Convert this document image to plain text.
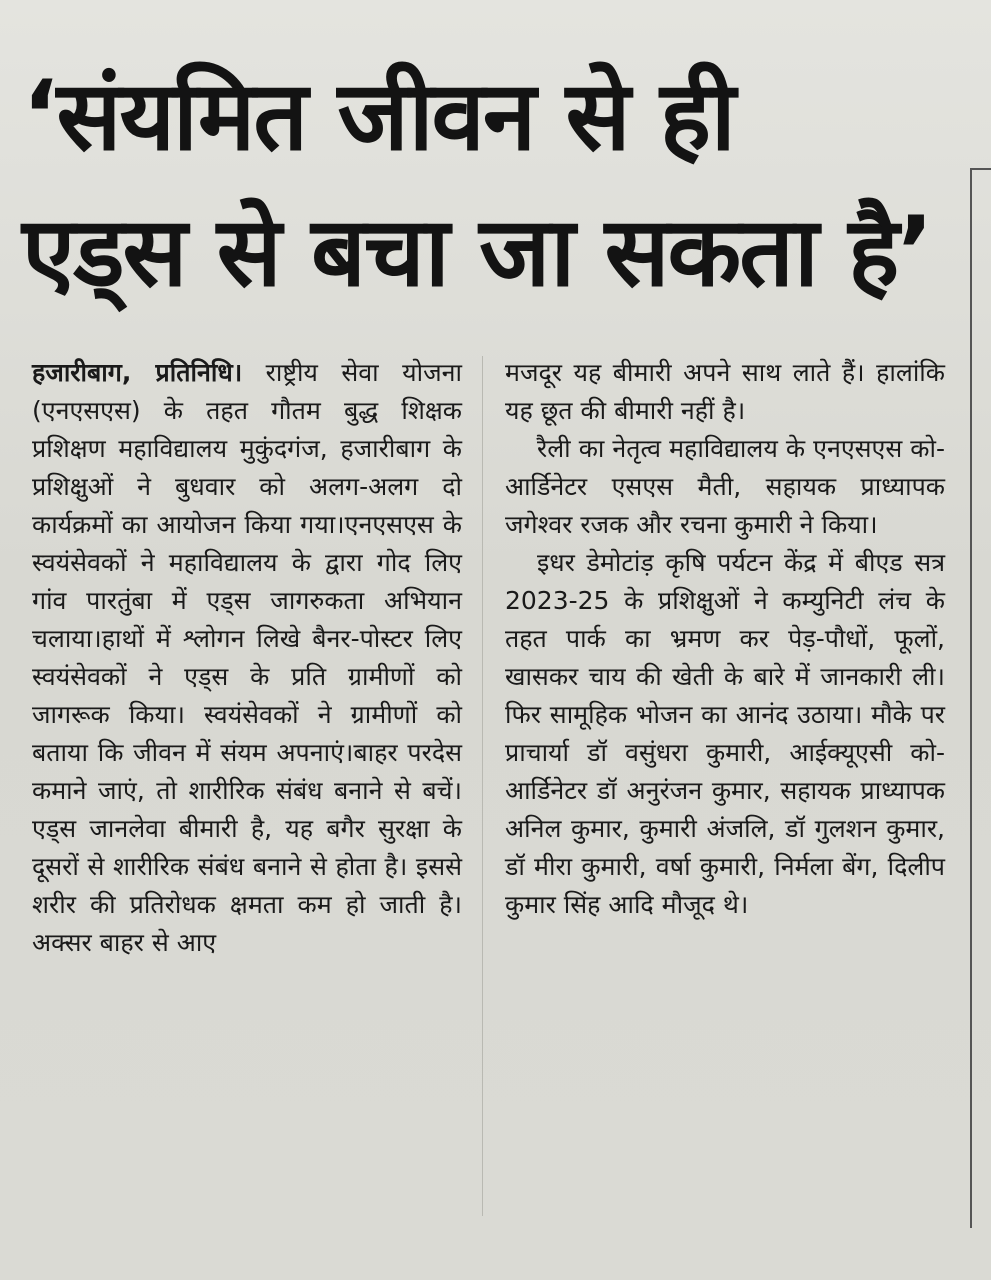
‘संयमित जीवन से ही
एड्स से बचा जा सकता है’

हजारीबाग, प्रतिनिधि। राष्ट्रीय सेवा योजना (एनएसएस) के तहत गौतम बुद्ध शिक्षक प्रशिक्षण महाविद्यालय मुकुंदगंज, हजारीबाग के प्रशिक्षुओं ने बुधवार को अलग-अलग दो कार्यक्रमों का आयोजन किया गया।एनएसएस के स्वयंसेवकों ने महाविद्यालय के द्वारा गोद लिए गांव पारतुंबा में एड्स जागरुकता अभियान चलाया।हाथों में श्लोगन लिखे बैनर-पोस्टर लिए स्वयंसेवकों ने एड्स के प्रति ग्रामीणों को जागरूक किया। स्वयंसेवकों ने ग्रामीणों को बताया कि जीवन में संयम अपनाएं।बाहर परदेस कमाने जाएं, तो शारीरिक संबंध बनाने से बचें। एड्स जानलेवा बीमारी है, यह बगैर सुरक्षा के दूसरों से शारीरिक संबंध बनाने से होता है। इससे शरीर की प्रतिरोधक क्षमता कम हो जाती है। अक्सर बाहर से आए

मजदूर यह बीमारी अपने साथ लाते हैं। हालांकि यह छूत की बीमारी नहीं है।

रैली का नेतृत्व महाविद्यालय के एनएसएस को-आर्डिनेटर एसएस मैती, सहायक प्राध्यापक जगेश्वर रजक और रचना कुमारी ने किया।

इधर डेमोटांड़ कृषि पर्यटन केंद्र में बीएड सत्र 2023-25 के प्रशिक्षुओं ने कम्युनिटी लंच के तहत पार्क का भ्रमण कर पेड़-पौधों, फूलों, खासकर चाय की खेती के बारे में जानकारी ली।फिर सामूहिक भोजन का आनंद उठाया। मौके पर प्राचार्या डॉ वसुंधरा कुमारी, आईक्यूएसी को-आर्डिनेटर डॉ अनुरंजन कुमार, सहायक प्राध्यापक अनिल कुमार, कुमारी अंजलि, डॉ गुलशन कुमार, डॉ मीरा कुमारी, वर्षा कुमारी, निर्मला बेंग, दिलीप कुमार सिंह आदि मौजूद थे।
